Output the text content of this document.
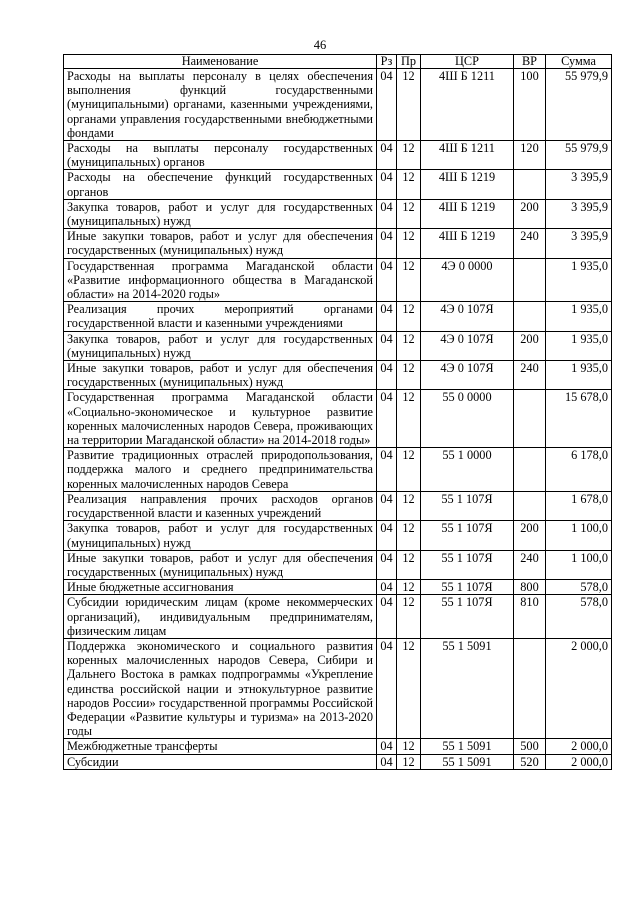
46
Наименование	Рз	Пр	ЦСР	ВР	Сумма
Расходы на выплаты персоналу в целях обеспечения выполнения функций государственными (муниципальными) органами, казенными учреждениями, органами управления государственными внебюджетными фондами	04	12	4Ш Б 1211	100	55 979,9
Расходы на выплаты персоналу государственных (муниципальных) органов	04	12	4Ш Б 1211	120	55 979,9
Расходы на обеспечение функций государственных органов	04	12	4Ш Б 1219		3 395,9
Закупка товаров, работ и услуг для государственных (муниципальных) нужд	04	12	4Ш Б 1219	200	3 395,9
Иные закупки товаров, работ и услуг для обеспечения государственных (муниципальных) нужд	04	12	4Ш Б 1219	240	3 395,9
Государственная программа Магаданской области «Развитие информационного общества в Магаданской области» на 2014-2020 годы»	04	12	4Э 0 0000		1 935,0
Реализация прочих мероприятий органами государственной власти и казенными учреждениями	04	12	4Э 0 107Я		1 935,0
Закупка товаров, работ и услуг для государственных (муниципальных) нужд	04	12	4Э 0 107Я	200	1 935,0
Иные закупки товаров, работ и услуг для обеспечения государственных (муниципальных) нужд	04	12	4Э 0 107Я	240	1 935,0
Государственная программа Магаданской области «Социально-экономическое и культурное развитие коренных малочисленных народов Севера, проживающих на территории Магаданской области» на 2014-2018 годы»	04	12	55 0 0000		15 678,0
Развитие традиционных отраслей природопользования, поддержка малого и среднего предпринимательства коренных малочисленных народов Севера	04	12	55 1 0000		6 178,0
Реализация направления прочих расходов органов государственной власти и казенных учреждений	04	12	55 1 107Я		1 678,0
Закупка товаров, работ и услуг для государственных (муниципальных) нужд	04	12	55 1 107Я	200	1 100,0
Иные закупки товаров, работ и услуг для обеспечения государственных (муниципальных) нужд	04	12	55 1 107Я	240	1 100,0
Иные бюджетные ассигнования	04	12	55 1 107Я	800	578,0
Субсидии юридическим лицам (кроме некоммерческих организаций), индивидуальным предпринимателям, физическим лицам	04	12	55 1 107Я	810	578,0
Поддержка экономического и социального развития коренных малочисленных народов Севера, Сибири и Дальнего Востока в рамках подпрограммы «Укрепление единства российской нации и этнокультурное развитие народов России» государственной программы Российской Федерации «Развитие культуры и туризма» на 2013-2020 годы	04	12	55 1 5091		2 000,0
Межбюджетные трансферты	04	12	55 1 5091	500	2 000,0
Субсидии	04	12	55 1 5091	520	2 000,0
